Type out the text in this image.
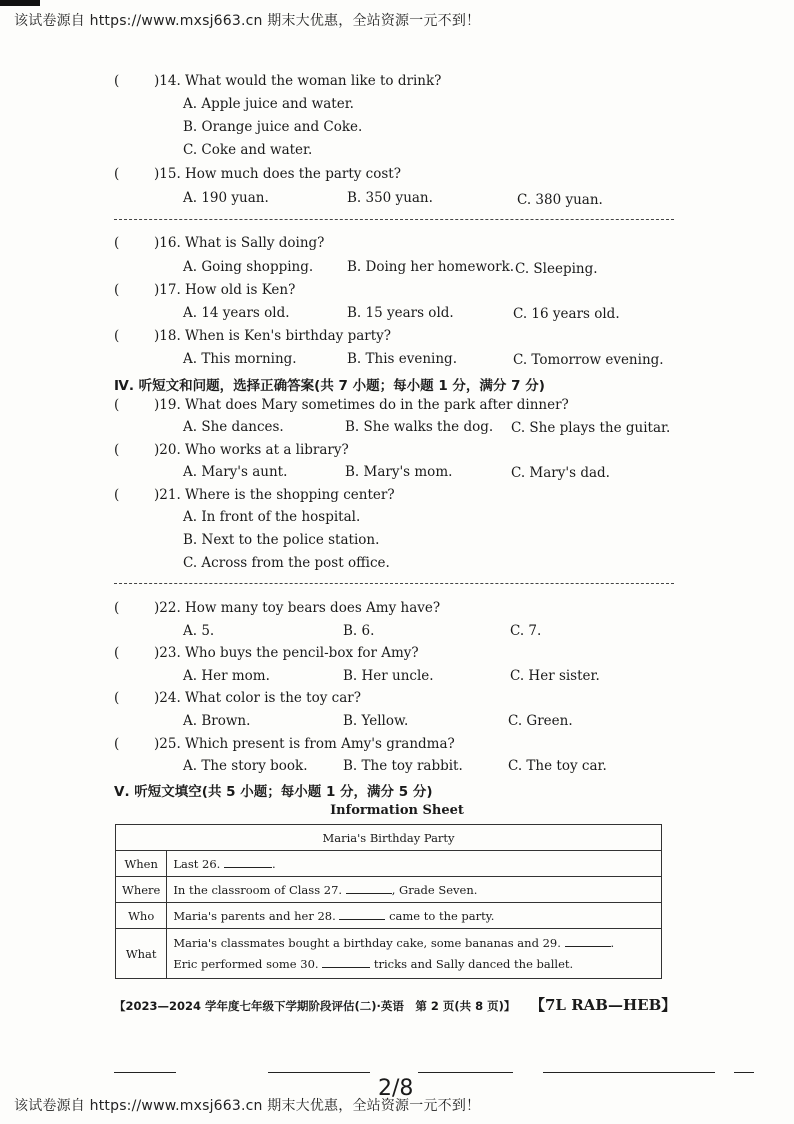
该试卷源自 https://www.mxsj663.cn 期末大优惠，全站资源一元不到！
(	)14. What would the woman like to drink?
A. Apple juice and water.
B. Orange juice and Coke.
C. Coke and water.
(	)15. How much does the party cost?
A. 190 yuan.	B. 350 yuan.	C. 380 yuan.
(	)16. What is Sally doing?
A. Going shopping.	B. Doing her homework. C. Sleeping.
(	)17. How old is Ken?
A. 14 years old.	B. 15 years old.	C. 16 years old.
(	)18. When is Ken's birthday party?
A. This morning.	B. This evening.	C. Tomorrow evening.
Ⅳ. 听短文和问题，选择正确答案(共 7 小题；每小题 1 分，满分 7 分)
(	)19. What does Mary sometimes do in the park after dinner?
A. She dances.	B. She walks the dog. C. She plays the guitar.
(	)20. Who works at a library?
A. Mary's aunt.	B. Mary's mom.	C. Mary's dad.
(	)21. Where is the shopping center?
A. In front of the hospital.
B. Next to the police station.
C. Across from the post office.
(	)22. How many toy bears does Amy have?
A. 5.	B. 6.	C. 7.
(	)23. Who buys the pencil-box for Amy?
A. Her mom.	B. Her uncle.	C. Her sister.
(	)24. What color is the toy car?
A. Brown.	B. Yellow.	C. Green.
(	)25. Which present is from Amy's grandma?
A. The story book.	B. The toy rabbit.	C. The toy car.
Ⅴ. 听短文填空(共 5 小题；每小题 1 分，满分 5 分)
Information Sheet
Maria's Birthday Party	
When	Last 26. .
Where	In the classroom of Class 27. , Grade Seven.
Who	Maria's parents and her 28. came to the party.
What	Maria's classmates bought a birthday cake, some bananas and 29. .
Eric performed some 30. tricks and Sally danced the ballet.
【2023—2024 学年度七年级下学期阶段评估(二)·英语　第 2 页(共 8 页)】 【7L RAB—HEB】
2/8
该试卷源自 https://www.mxsj663.cn 期末大优惠，全站资源一元不到！
